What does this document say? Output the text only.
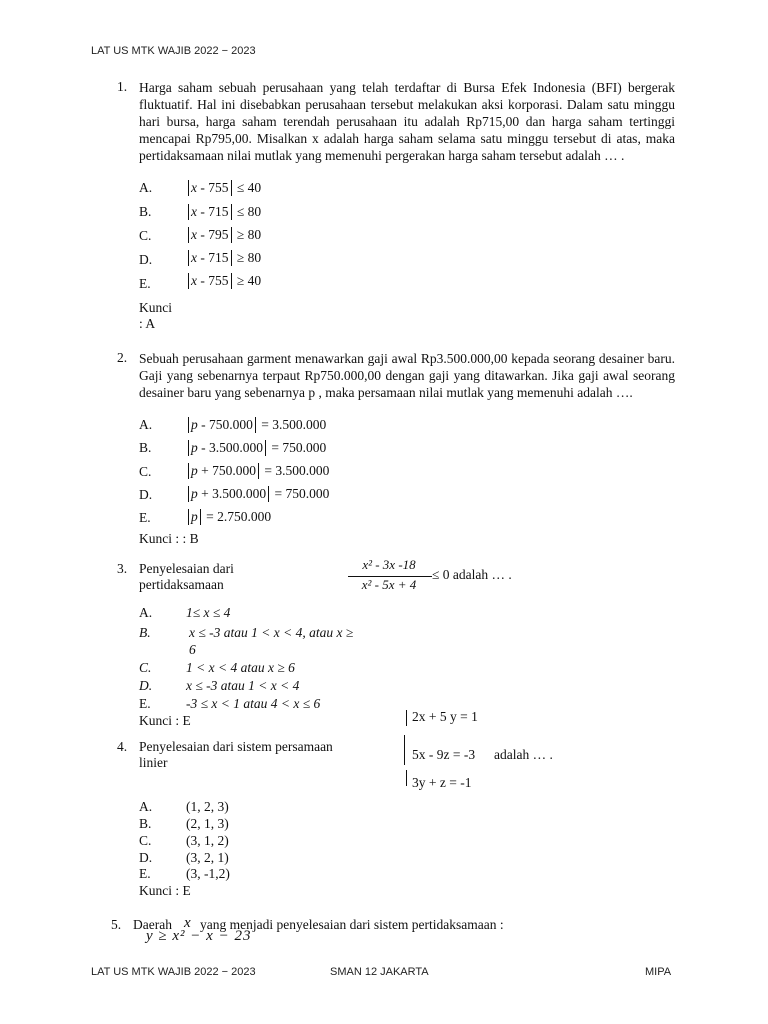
LAT US MTK WAJIB 2022 − 2023
1. Harga saham sebuah perusahaan yang telah terdaftar di Bursa Efek Indonesia (BFI) bergerak fluktuatif. Hal ini disebabkan perusahaan tersebut melakukan aksi korporasi. Dalam satu minggu hari bursa, harga saham terendah perusahaan itu adalah Rp715,00 dan harga saham tertinggi mencapai Rp795,00. Misalkan x adalah harga saham selama satu minggu tersebut di atas, maka pertidaksamaan nilai mutlak yang memenuhi pergerakan harga saham tersebut adalah … .
A.	x - 755 ≤ 40
B.	x - 715 ≤ 80
C.	x - 795 ≥ 80
D.	x - 715 ≥ 80
E.	x - 755 ≥ 40
Kunci
: A
2. Sebuah perusahaan garment menawarkan gaji awal Rp3.500.000,00 kepada seorang desainer baru. Gaji yang sebenarnya terpaut Rp750.000,00 dengan gaji yang ditawarkan. Jika gaji awal seorang desainer baru yang sebenarnya p , maka persamaan nilai mutlak yang memenuhi adalah ….
A.	p - 750.000 = 3.500.000
B.	p - 3.500.000 = 750.000
C.	p + 750.000 = 3.500.000
D.	p + 3.500.000 = 750.000
E.	p = 2.750.000
Kunci : : B
3. Penyelesaian dari
pertidaksamaan
x² - 3x -18
x² - 5x + 4
≤ 0 adalah … .
A.	1≤ x ≤ 4
B.	x ≤ -3 atau 1 < x < 4, atau x ≥
6
C.	1 < x < 4 atau x ≥ 6
D.	x ≤ -3 atau 1 < x < 4
E.	-3 ≤ x < 1 atau 4 < x ≤ 6
Kunci : E
4. Penyelesaian dari sistem persamaan
linier
2x + 5 y = 1
5x - 9z = -3 adalah … .
3y + z = -1
A.	(1, 2, 3)
B.	(2, 1, 3)
C.	(3, 1, 2)
D.	(3, 2, 1)
E.	(3, -1,2)
Kunci : E
5. Daerah x yang menjadi penyelesaian dari sistem pertidaksamaan :
y ≥ x² − x − 23
LAT US MTK WAJIB 2022 − 2023	SMAN 12 JAKARTA	MIPA
